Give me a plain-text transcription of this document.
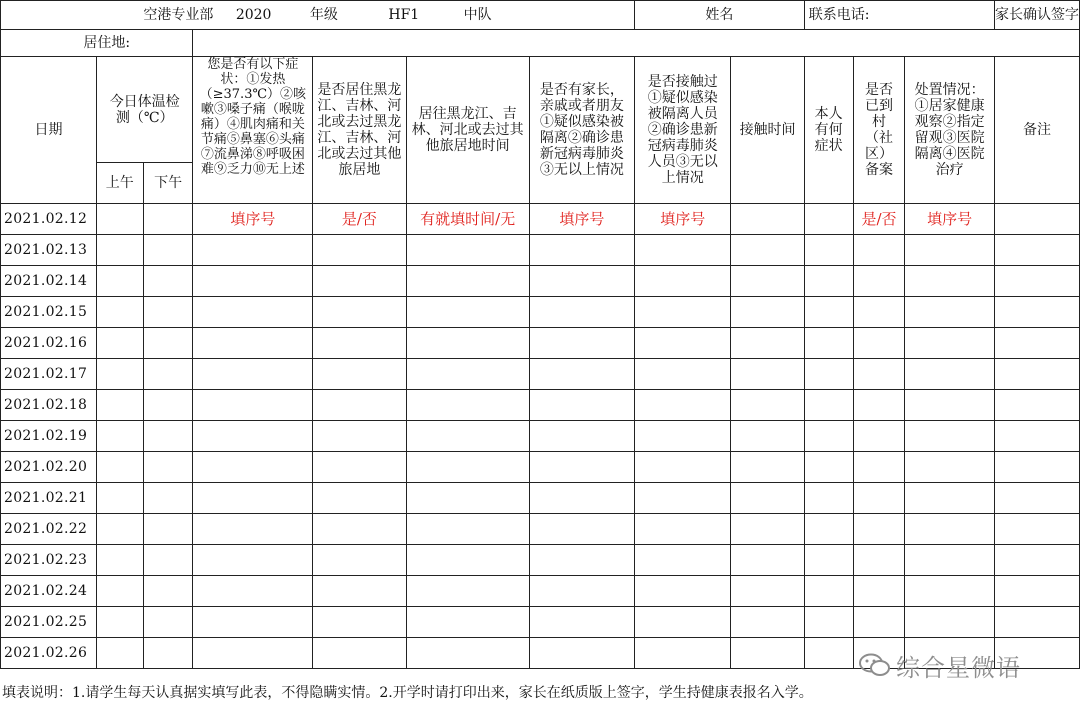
空港专业部 2020 年级 HF1 中队							姓名		联系电话:			家长确认签字
居住地:												
日期	今日体温检测（℃）		您是否有以下症状：①发热（≥37.3℃）②咳嗽③嗓子痛（喉咙痛）④肌肉痛和关节痛⑤鼻塞⑥头痛⑦流鼻涕⑧呼吸困难⑨乏力⑩无上述	是否居住黑龙江、吉林、河北或去过黑龙江、吉林、河北或去过其他旅居地	居往黑龙江、吉林、河北或去过其他旅居地时间	是否有家长，亲戚或者朋友①疑似感染被隔离②确诊患新冠病毒肺炎③无以上情况	是否接触过①疑似感染被隔离人员②确诊患新冠病毒肺炎人员③无以上情况	接触时间	本人有何症状	是否已到村（社区）备案	处置情况：①居家健康观察②指定留观③医院隔离④医院治疗	备注
	上午	下午										
2021.02.12			填序号	是/否	有就填时间/无	填序号	填序号			是/否	填序号	
2021.02.13												
2021.02.14												
2021.02.15												
2021.02.16												
2021.02.17												
2021.02.18												
2021.02.19												
2021.02.20												
2021.02.21												
2021.02.22												
2021.02.23												
2021.02.24												
2021.02.25												
2021.02.26												
综合星微语
填表说明：1.请学生每天认真据实填写此表，不得隐瞒实情。2.开学时请打印出来，家长在纸质版上签字，学生持健康表报名入学。
